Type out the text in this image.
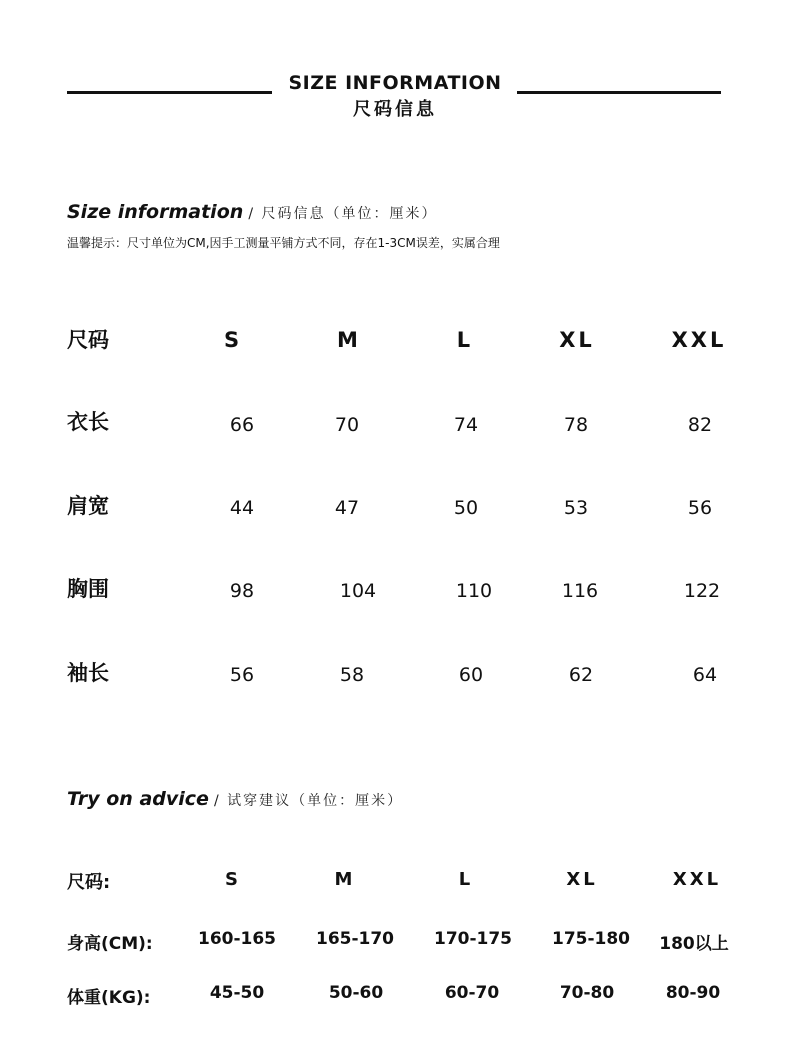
SIZE INFORMATION
尺码信息
Size information / 尺码信息（单位：厘米）
温馨提示：尺寸单位为CM,因手工测量平铺方式不同，存在1-3CM误差，实属合理
尺码	S	M	L	XL	XXL
衣长	66	70	74	78	82
肩宽	44	47	50	53	56
胸围	98	104	110	116	122
袖长	56	58	60	62	64
Try on advice / 试穿建议（单位：厘米）
尺码:	S	M	L	XL	XXL
身高(CM):	160-165	165-170	170-175	175-180	180以上
体重(KG):	45-50	50-60	60-70	70-80	80-90
